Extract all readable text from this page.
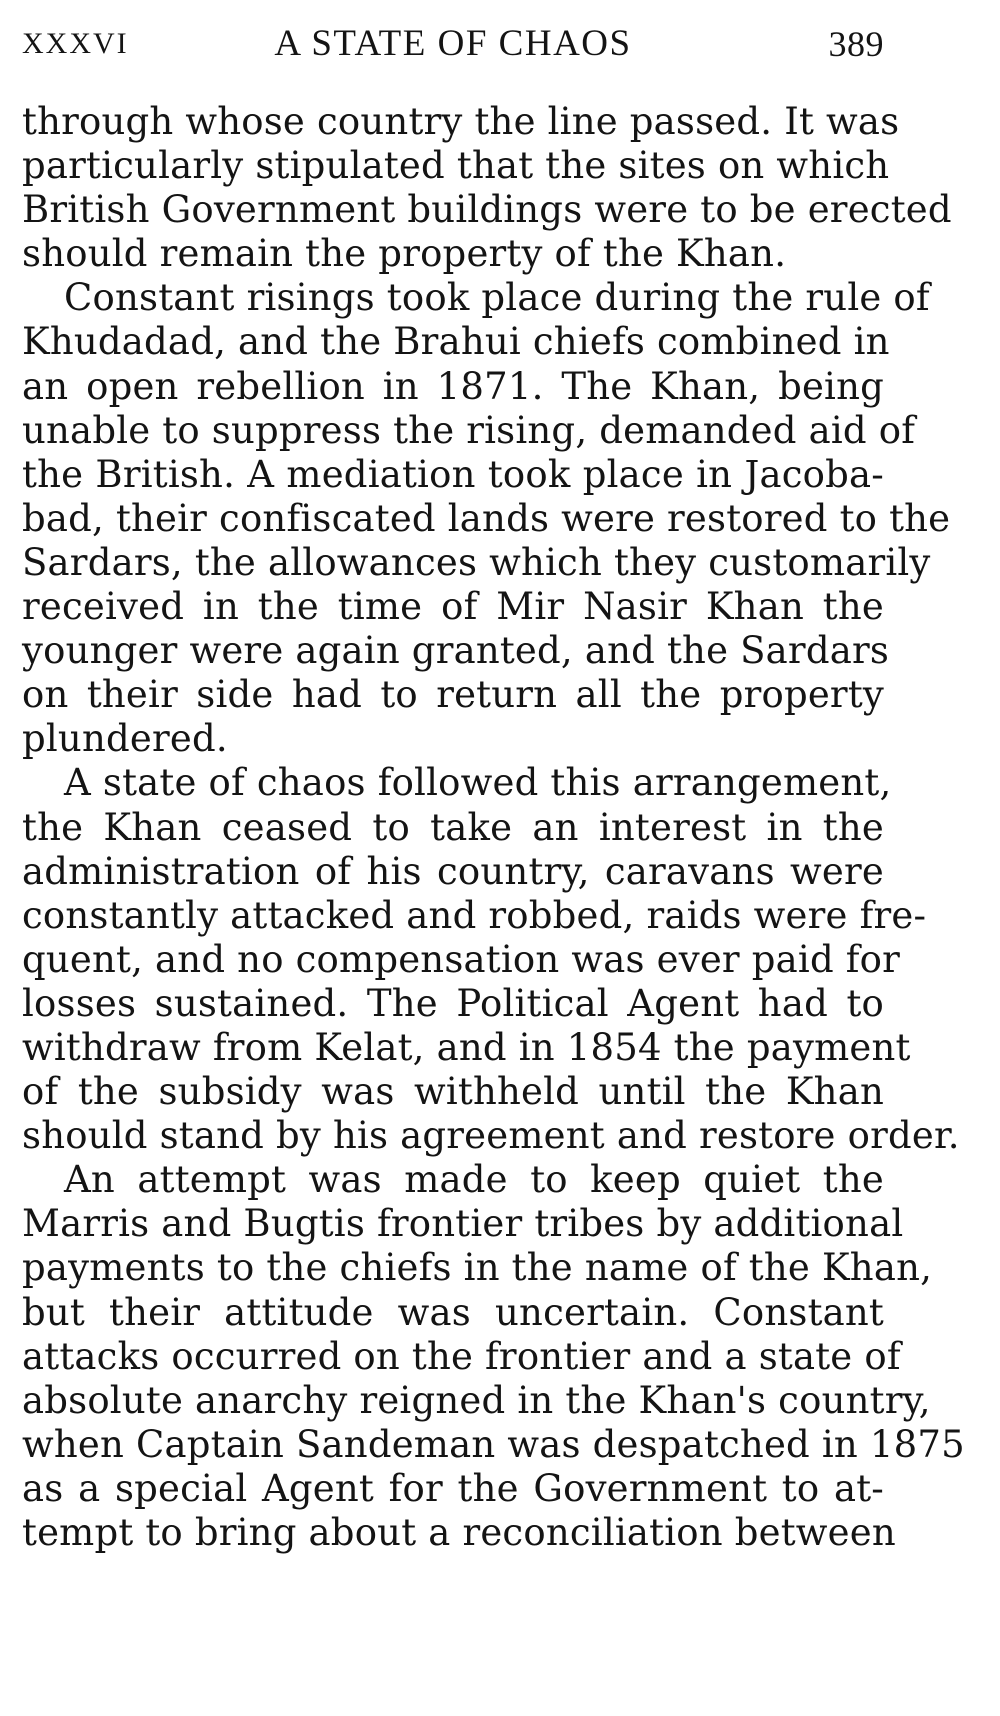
XXXVI	A STATE OF CHAOS	389
through whose country the line passed. It was
particularly stipulated that the sites on which
British Government buildings were to be erected
should remain the property of the Khan.
Constant risings took place during the rule of
Khudadad, and the Brahui chiefs combined in
an open rebellion in 1871. The Khan, being
unable to suppress the rising, demanded aid of
the British. A mediation took place in Jacoba-
bad, their confiscated lands were restored to the
Sardars, the allowances which they customarily
received in the time of Mir Nasir Khan the
younger were again granted, and the Sardars
on their side had to return all the property
plundered.
A state of chaos followed this arrangement,
the Khan ceased to take an interest in the
administration of his country, caravans were
constantly attacked and robbed, raids were fre-
quent, and no compensation was ever paid for
losses sustained. The Political Agent had to
withdraw from Kelat, and in 1854 the payment
of the subsidy was withheld until the Khan
should stand by his agreement and restore order.
An attempt was made to keep quiet the
Marris and Bugtis frontier tribes by additional
payments to the chiefs in the name of the Khan,
but their attitude was uncertain. Constant
attacks occurred on the frontier and a state of
absolute anarchy reigned in the Khan's country,
when Captain Sandeman was despatched in 1875
as a special Agent for the Government to at-
tempt to bring about a reconciliation between
